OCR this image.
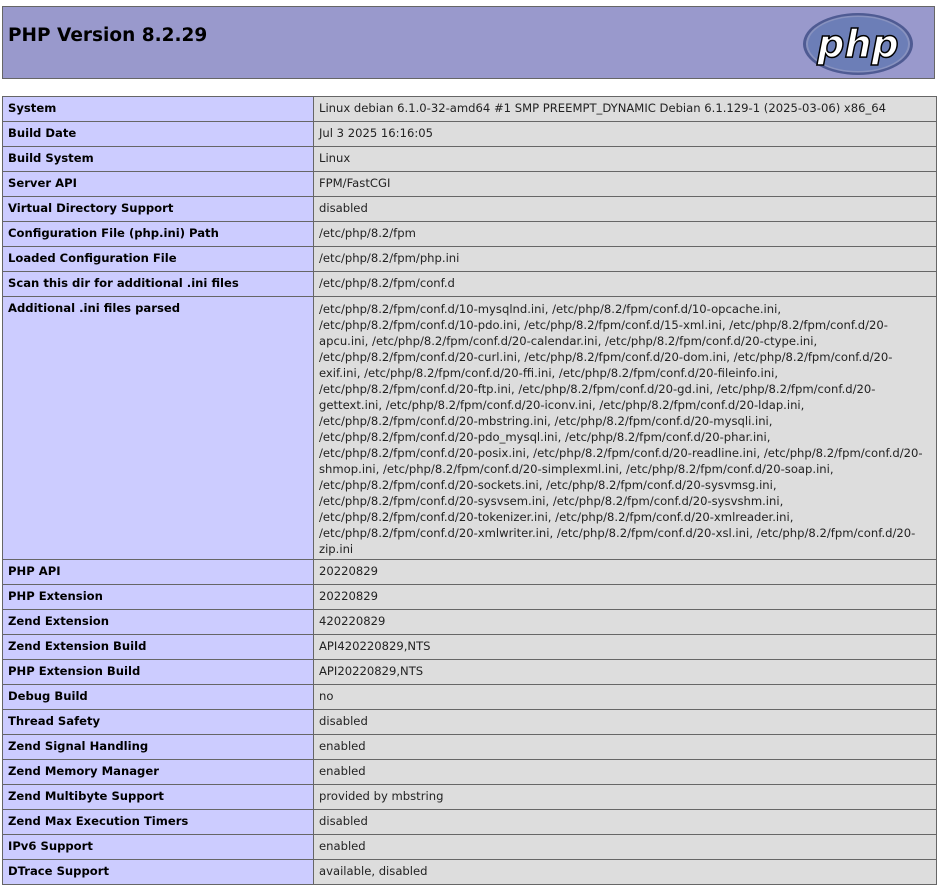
PHP Version 8.2.29	php
System	Linux debian 6.1.0-32-amd64 #1 SMP PREEMPT_DYNAMIC Debian 6.1.129-1 (2025-03-06) x86_64
Build Date	Jul 3 2025 16:16:05
Build System	Linux
Server API	FPM/FastCGI
Virtual Directory Support	disabled
Configuration File (php.ini) Path	/etc/php/8.2/fpm
Loaded Configuration File	/etc/php/8.2/fpm/php.ini
Scan this dir for additional .ini files	/etc/php/8.2/fpm/conf.d
Additional .ini files parsed	/etc/php/8.2/fpm/conf.d/10-mysqlnd.ini, /etc/php/8.2/fpm/conf.d/10-opcache.ini, /etc/php/8.2/fpm/conf.d/10-pdo.ini, /etc/php/8.2/fpm/conf.d/15-xml.ini, /etc/php/8.2/fpm/conf.d/20-apcu.ini, /etc/php/8.2/fpm/conf.d/20-calendar.ini, /etc/php/8.2/fpm/conf.d/20-ctype.ini, /etc/php/8.2/fpm/conf.d/20-curl.ini, /etc/php/8.2/fpm/conf.d/20-dom.ini, /etc/php/8.2/fpm/conf.d/20-exif.ini, /etc/php/8.2/fpm/conf.d/20-ffi.ini, /etc/php/8.2/fpm/conf.d/20-fileinfo.ini, /etc/php/8.2/fpm/conf.d/20-ftp.ini, /etc/php/8.2/fpm/conf.d/20-gd.ini, /etc/php/8.2/fpm/conf.d/20-gettext.ini, /etc/php/8.2/fpm/conf.d/20-iconv.ini, /etc/php/8.2/fpm/conf.d/20-ldap.ini, /etc/php/8.2/fpm/conf.d/20-mbstring.ini, /etc/php/8.2/fpm/conf.d/20-mysqli.ini, /etc/php/8.2/fpm/conf.d/20-pdo_mysql.ini, /etc/php/8.2/fpm/conf.d/20-phar.ini, /etc/php/8.2/fpm/conf.d/20-posix.ini, /etc/php/8.2/fpm/conf.d/20-readline.ini, /etc/php/8.2/fpm/conf.d/20-shmop.ini, /etc/php/8.2/fpm/conf.d/20-simplexml.ini, /etc/php/8.2/fpm/conf.d/20-soap.ini, /etc/php/8.2/fpm/conf.d/20-sockets.ini, /etc/php/8.2/fpm/conf.d/20-sysvmsg.ini, /etc/php/8.2/fpm/conf.d/20-sysvsem.ini, /etc/php/8.2/fpm/conf.d/20-sysvshm.ini, /etc/php/8.2/fpm/conf.d/20-tokenizer.ini, /etc/php/8.2/fpm/conf.d/20-xmlreader.ini, /etc/php/8.2/fpm/conf.d/20-xmlwriter.ini, /etc/php/8.2/fpm/conf.d/20-xsl.ini, /etc/php/8.2/fpm/conf.d/20-zip.ini
PHP API	20220829
PHP Extension	20220829
Zend Extension	420220829
Zend Extension Build	API420220829,NTS
PHP Extension Build	API20220829,NTS
Debug Build	no
Thread Safety	disabled
Zend Signal Handling	enabled
Zend Memory Manager	enabled
Zend Multibyte Support	provided by mbstring
Zend Max Execution Timers	disabled
IPv6 Support	enabled
DTrace Support	available, disabled
